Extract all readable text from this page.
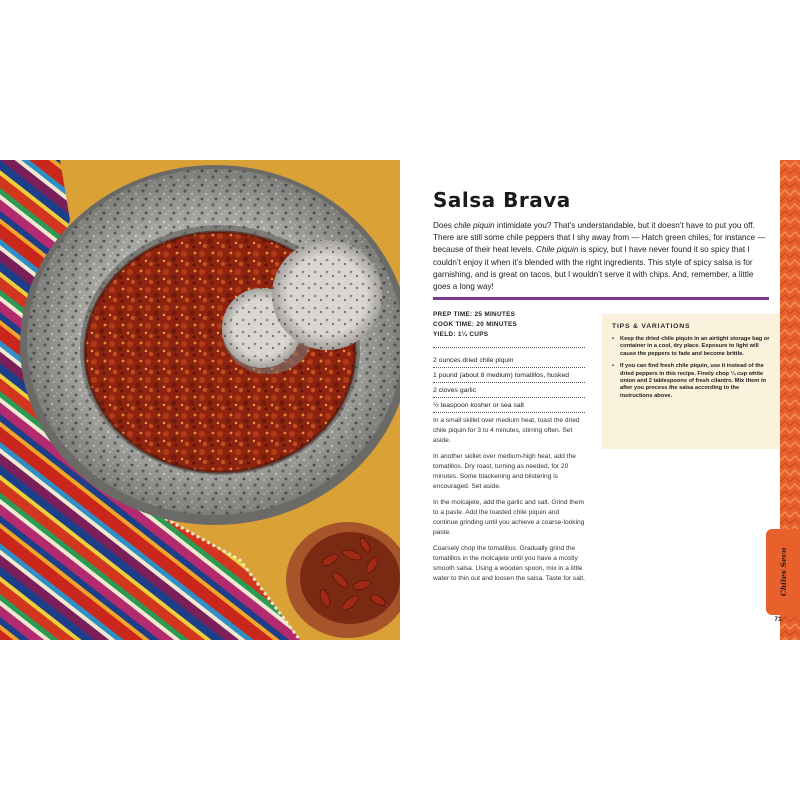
Salsa Brava

Does chile piquin intimidate you? That’s understandable, but it doesn’t have to put you off. There are still some chile peppers that I shy away from — Hatch green chiles, for instance — because of their heat levels. Chile piquin is spicy, but I have never found it so spicy that I couldn’t enjoy it when it’s blended with the right ingredients. This style of spicy salsa is for garnishing, and is great on tacos, but I wouldn’t serve it with chips. And, remember, a little goes a long way!

PREP TIME: 25 MINUTES
COOK TIME: 20 MINUTES
YIELD: 1¼ CUPS
2 ounces dried chile piquin
1 pound (about 8 medium) tomatillos, husked
2 cloves garlic
½ teaspoon kosher or sea salt

In a small skillet over medium heat, toast the dried chile piquin for 3 to 4 minutes, stirring often. Set aside.

In another skillet over medium-high heat, add the tomatillos. Dry roast, turning as needed, for 20 minutes. Some blackening and blistering is encouraged. Set aside.

In the molcajete, add the garlic and salt. Grind them to a paste. Add the toasted chile piquin and continue grinding until you achieve a coarse-looking paste.

Coarsely chop the tomatillos. Gradually grind the tomatillos in the molcajete until you have a mostly smooth salsa. Using a wooden spoon, mix in a little water to thin out and loosen the salsa. Taste for salt.

TIPS & VARIATIONS
• Keep the dried chile piquin in an airtight storage bag or container in a cool, dry place. Exposure to light will cause the peppers to fade and become brittle.
• If you can find fresh chile piquin, use it instead of the dried peppers in this recipe. Finely chop ¼ cup white onion and 2 tablespoons of fresh cilantro. Mix them in after you process the salsa according to the instructions above.
Chiles Seco
71
